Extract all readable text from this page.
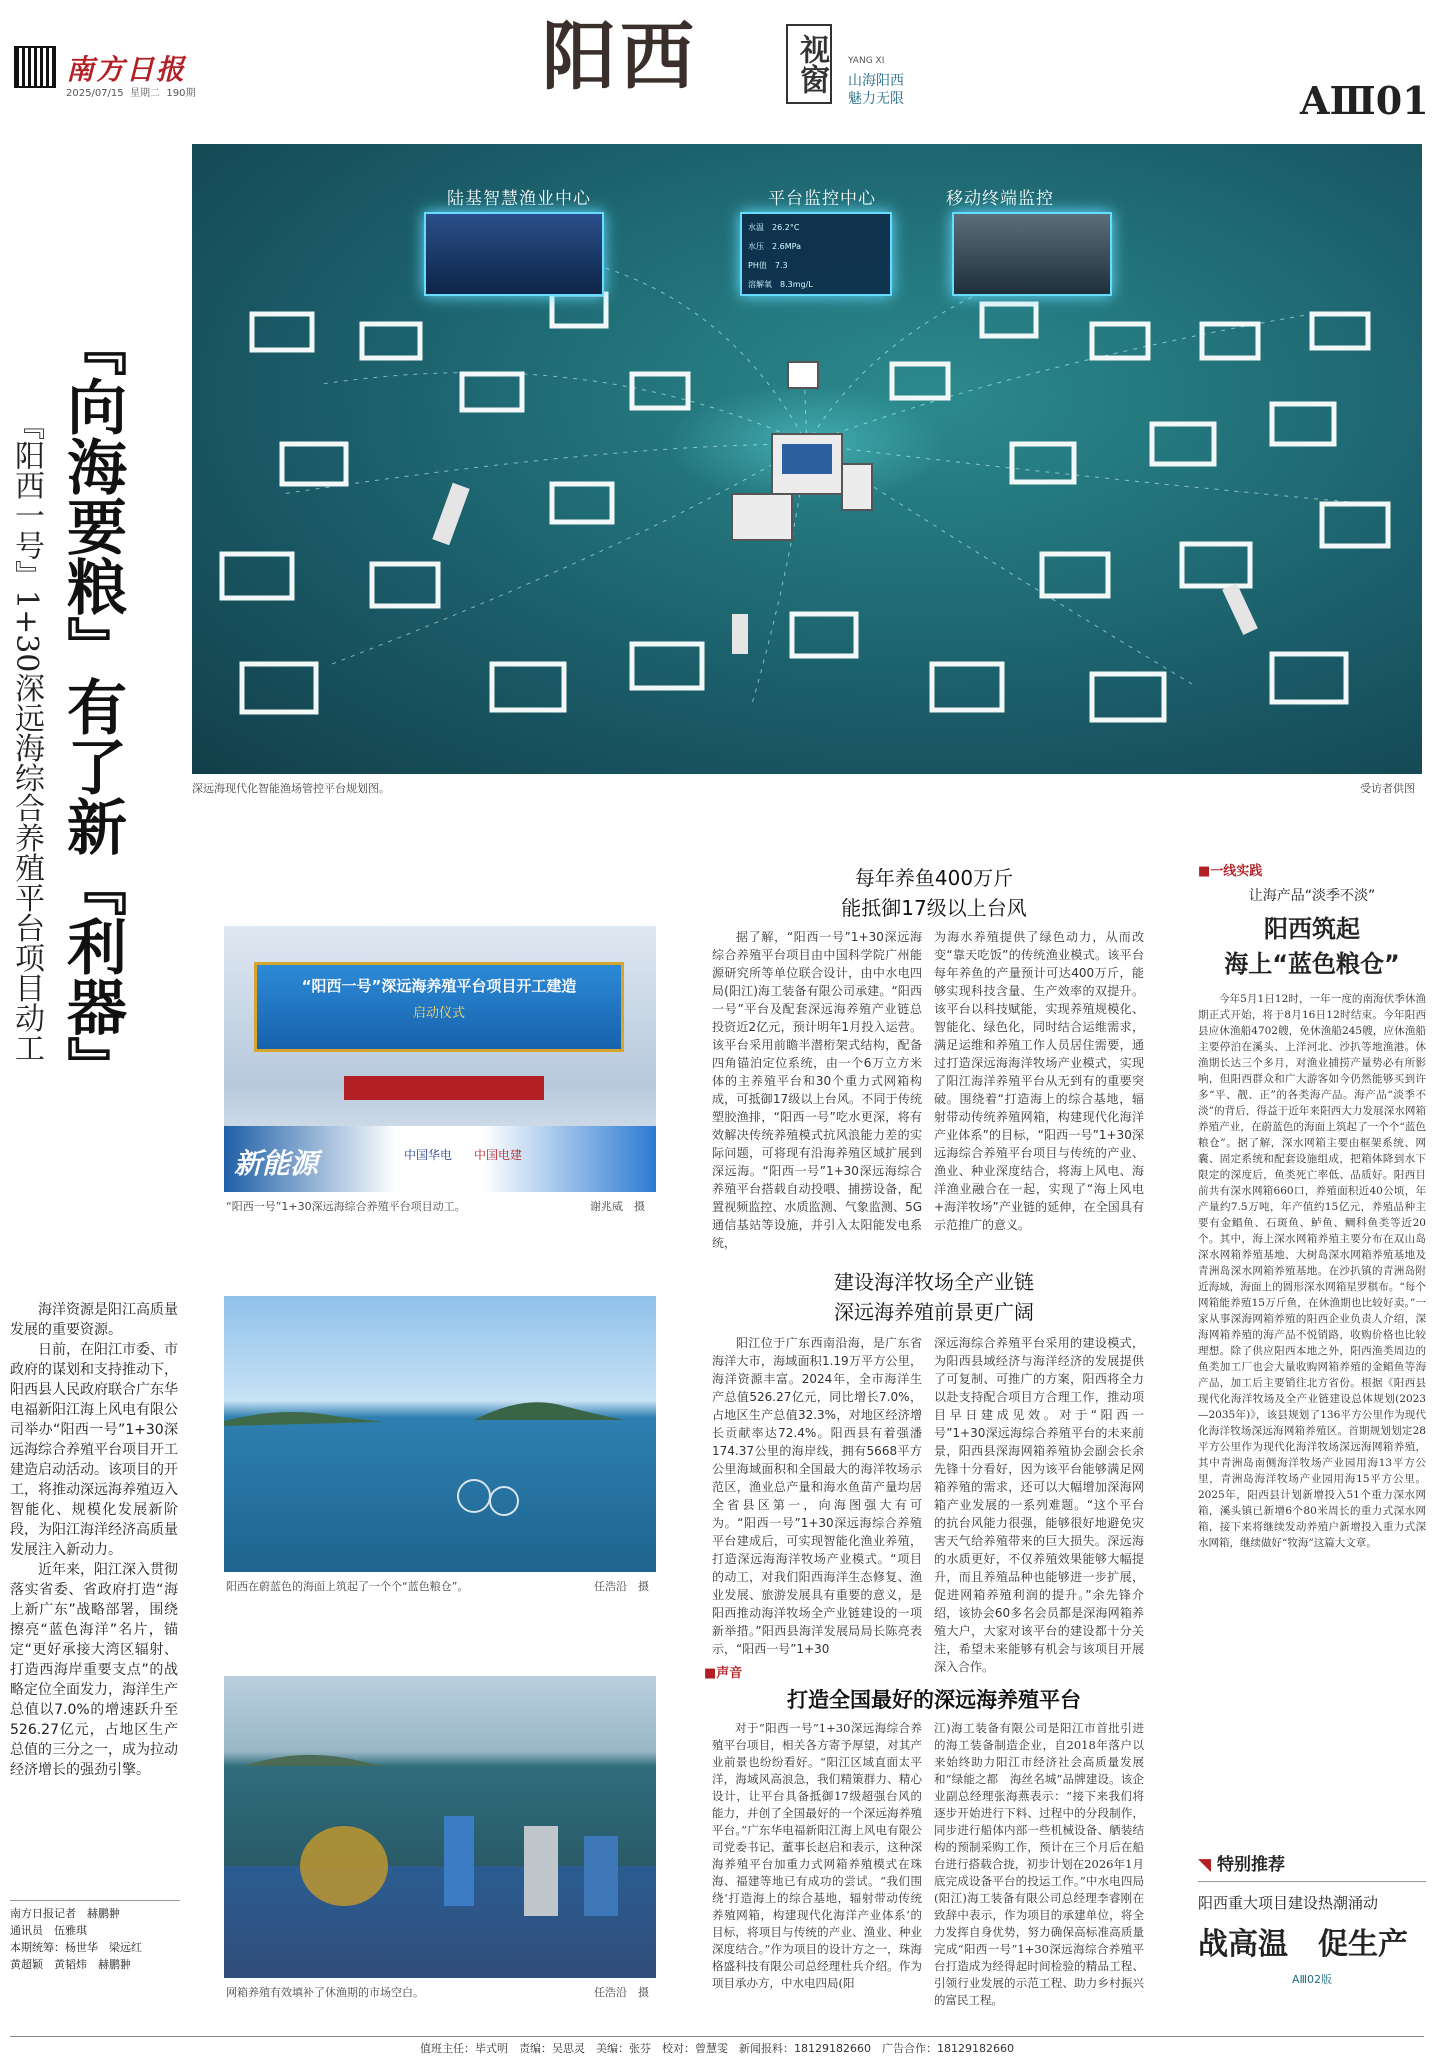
南方日报
2025/07/15 星期二 190期	阳西	视窗	YANG XI
山海阳西
魅力无限	AⅢ01
陆基智慧渔业中心	平台监控中心	移动终端监控
水温　 26.2°C
水压　 2.6MPa
PH值　 7.3
溶解氧　 8.3mg/L
深远海现代化智能渔场管控平台规划图。	受访者供图
『向海要粮』有了新『利器』
『阳西一号』1+30深远海综合养殖平台项目动工

海洋资源是阳江高质量发展的重要资源。

日前，在阳江市委、市政府的谋划和支持推动下，阳西县人民政府联合广东华电福新阳江海上风电有限公司举办“阳西一号”1+30深远海综合养殖平台项目开工建造启动活动。该项目的开工，将推动深远海养殖迈入智能化、规模化发展新阶段，为阳江海洋经济高质量发展注入新动力。

近年来，阳江深入贯彻落实省委、省政府打造“海上新广东”战略部署，围绕擦亮“蓝色海洋”名片，锚定“更好承接大湾区辐射、打造西海岸重要支点”的战略定位全面发力，海洋生产总值以7.0%的增速跃升至526.27亿元，占地区生产总值的三分之一，成为拉动经济增长的强劲引擎。

南方日报记者　赫鹏翀
通讯员　伍雅琪
本期统筹：杨世华　梁远红
黄超颖　黄韬炜　赫鹏翀
“阳西一号”深远海养殖平台项目开工建造
启动仪式
新能源	中国华电 中国电建
“阳西一号”1+30深远海综合养殖平台项目动工。	谢兆威　摄
阳西在蔚蓝色的海面上筑起了一个个“蓝色粮仓”。	任浩沿　摄
网箱养殖有效填补了休渔期的市场空白。	任浩沿　摄
每年养鱼400万斤
能抵御17级以上台风
据了解，“阳西一号”1+30深远海综合养殖平台项目由中国科学院广州能源研究所等单位联合设计，由中水电四局(阳江)海工装备有限公司承建。“阳西一号”平台及配套深远海养殖产业链总投资近2亿元，预计明年1月投入运营。该平台采用前瞻半潜桁架式结构，配备四角锚泊定位系统，由一个6万立方米体的主养殖平台和30个重力式网箱构成，可抵御17级以上台风。不同于传统塑胶渔排，“阳西一号”吃水更深，将有效解决传统养殖模式抗风浪能力差的实际问题，可将现有沿海养殖区域扩展到深远海。“阳西一号”1+30深远海综合养殖平台搭载自动投喂、捕捞设备，配置视频监控、水质监测、气象监测、5G通信基站等设施，并引入太阳能发电系统，
为海水养殖提供了绿色动力，从而改变“靠天吃饭”的传统渔业模式。该平台每年养鱼的产量预计可达400万斤，能够实现科技含量、生产效率的双提升。该平台以科技赋能，实现养殖规模化、智能化、绿色化，同时结合运维需求，满足运维和养殖工作人员居住需要，通过打造深远海海洋牧场产业模式，实现了阳江海洋养殖平台从无到有的重要突破。围绕着“打造海上的综合基地，辐射带动传统养殖网箱，构建现代化海洋产业体系”的目标，“阳西一号”1+30深远海综合养殖平台项目与传统的产业、渔业、种业深度结合，将海上风电、海洋渔业融合在一起，实现了“海上风电+海洋牧场”产业链的延伸，在全国具有示范推广的意义。
建设海洋牧场全产业链
深远海养殖前景更广阔
阳江位于广东西南沿海，是广东省海洋大市，海域面积1.19万平方公里，海洋资源丰富。2024年，全市海洋生产总值526.27亿元，同比增长7.0%，占地区生产总值32.3%，对地区经济增长贡献率达72.4%。阳西县有着强潘174.37公里的海岸线，拥有5668平方公里海域面积和全国最大的海洋牧场示范区，渔业总产量和海水鱼苗产量均居全省县区第一，向海图强大有可为。“阳西一号”1+30深远海综合养殖平台建成后，可实现智能化渔业养殖，打造深远海海洋牧场产业模式。“项目的动工，对我们阳西海洋生态修复、渔业发展、旅游发展具有重要的意义，是阳西推动海洋牧场全产业链建设的一项新举措。”阳西县海洋发展局局长陈亮表示，“阳西一号”1+30
深远海综合养殖平台采用的建设模式，为阳西县域经济与海洋经济的发展提供了可复制、可推广的方案，阳西将全力以赴支持配合项目方合理工作，推动项目早日建成见效。对于“阳西一号”1+30深远海综合养殖平台的未来前景，阳西县深海网箱养殖协会副会长余先锋十分看好，因为该平台能够满足网箱养殖的需求，还可以大幅增加深海网箱产业发展的一系列难题。“这个平台的抗台风能力很强，能够很好地避免灾害天气给养殖带来的巨大损失。深远海的水质更好，不仅养殖效果能够大幅提升，而且养殖品种也能够进一步扩展，促进网箱养殖利润的提升。”余先锋介绍，该协会60多名会员都是深海网箱养殖大户，大家对该平台的建设都十分关注，希望未来能够有机会与该项目开展深入合作。
■声音
打造全国最好的深远海养殖平台
对于“阳西一号”1+30深远海综合养殖平台项目，相关各方寄予厚望，对其产业前景也纷纷看好。“阳江区域直面太平洋，海域风高浪急，我们精策群力、精心设计，让平台具备抵御17级超强台风的能力，并创了全国最好的一个深远海养殖平台。”广东华电福新阳江海上风电有限公司党委书记、董事长赵启和表示，这种深海养殖平台加重力式网箱养殖模式在珠海、福建等地已有成功的尝试。“我们围绕‘打造海上的综合基地，辐射带动传统养殖网箱，构建现代化海洋产业体系’的目标，将项目与传统的产业、渔业、种业深度结合。”作为项目的设计方之一，珠海格盛科技有限公司总经理杜兵介绍。作为项目承办方，中水电四局(阳
江)海工装备有限公司是阳江市首批引进的海工装备制造企业，自2018年落户以来始终助力阳江市经济社会高质量发展和“绿能之都　海丝名城”品牌建设。该企业副总经理张海燕表示：“接下来我们将逐步开始进行下料、过程中的分段制作，同步进行船体内部一些机械设备、舾装结构的预制采购工作，预计在三个月后在船台进行搭载合拢，初步计划在2026年1月底完成设备平台的投运工作。”中水电四局(阳江)海工装备有限公司总经理李睿刚在致辞中表示，作为项目的承建单位，将全力发挥自身优势，努力确保高标准高质量完成“阳西一号”1+30深远海综合养殖平台打造成为经得起时间检验的精品工程、引领行业发展的示范工程、助力乡村振兴的富民工程。
■一线实践
让海产品“淡季不淡”
阳西筑起
海上“蓝色粮仓”
今年5月1日12时，一年一度的南海伏季休渔期正式开始，将于8月16日12时结束。今年阳西县应休渔船4702艘，免休渔船245艘，应休渔船主要停泊在溪头、上洋河北、沙扒等地渔港。休渔期长达三个多月，对渔业捕捞产量势必有所影响，但阳西群众和广大游客如今仍然能够买到许多“平、靓、正”的各类海产品。海产品“淡季不淡”的背后，得益于近年来阳西大力发展深水网箱养殖产业，在蔚蓝色的海面上筑起了一个个“蓝色粮仓”。据了解，深水网箱主要由框架系统、网囊、固定系统和配套设施组成，把箱体降到水下限定的深度后，鱼类死亡率低、品质好。阳西目前共有深水网箱660口，养殖面积近40公顷，年产量约7.5万吨，年产值约15亿元，养殖品种主要有金鲳鱼、石斑鱼、鲈鱼、鲷科鱼类等近20个。其中，海上深水网箱养殖主要分布在双山岛深水网箱养殖基地、大树岛深水网箱养殖基地及青洲岛深水网箱养殖基地。在沙扒镇的青洲岛附近海域，海面上的圆形深水网箱星罗棋布。“每个网箱能养殖15万斤鱼，在休渔期也比较好卖。”一家从事深海网箱养殖的阳西企业负责人介绍，深海网箱养殖的海产品不悦销路，收购价格也比较理想。除了供应阳西本地之外，阳西渔类周边的鱼类加工厂也会大量收购网箱养殖的金鲳鱼等海产品，加工后主要销往北方省份。根据《阳西县现代化海洋牧场及全产业链建设总体规划(2023—2035年)》，该县规划了136平方公里作为现代化海洋牧场深远海网箱养殖区。首期规划划定28平方公里作为现代化海洋牧场深远海网箱养殖，其中青洲岛南侧海洋牧场产业园用海13平方公里，青洲岛海洋牧场产业园用海15平方公里。2025年，阳西县计划新增投入51个重力深水网箱，溪头镇已新增6个80米周长的重力式深水网箱，接下来将继续发动养殖户新增投入重力式深水网箱，继续做好“牧海”这篇大文章。
◥ 特别推荐
阳西重大项目建设热潮涌动
战高温　促生产
AⅢ02版
值班主任：毕式明　责编：吴思灵　美编：张芬　校对：曾慧雯　新闻报料：18129182660　广告合作：18129182660
